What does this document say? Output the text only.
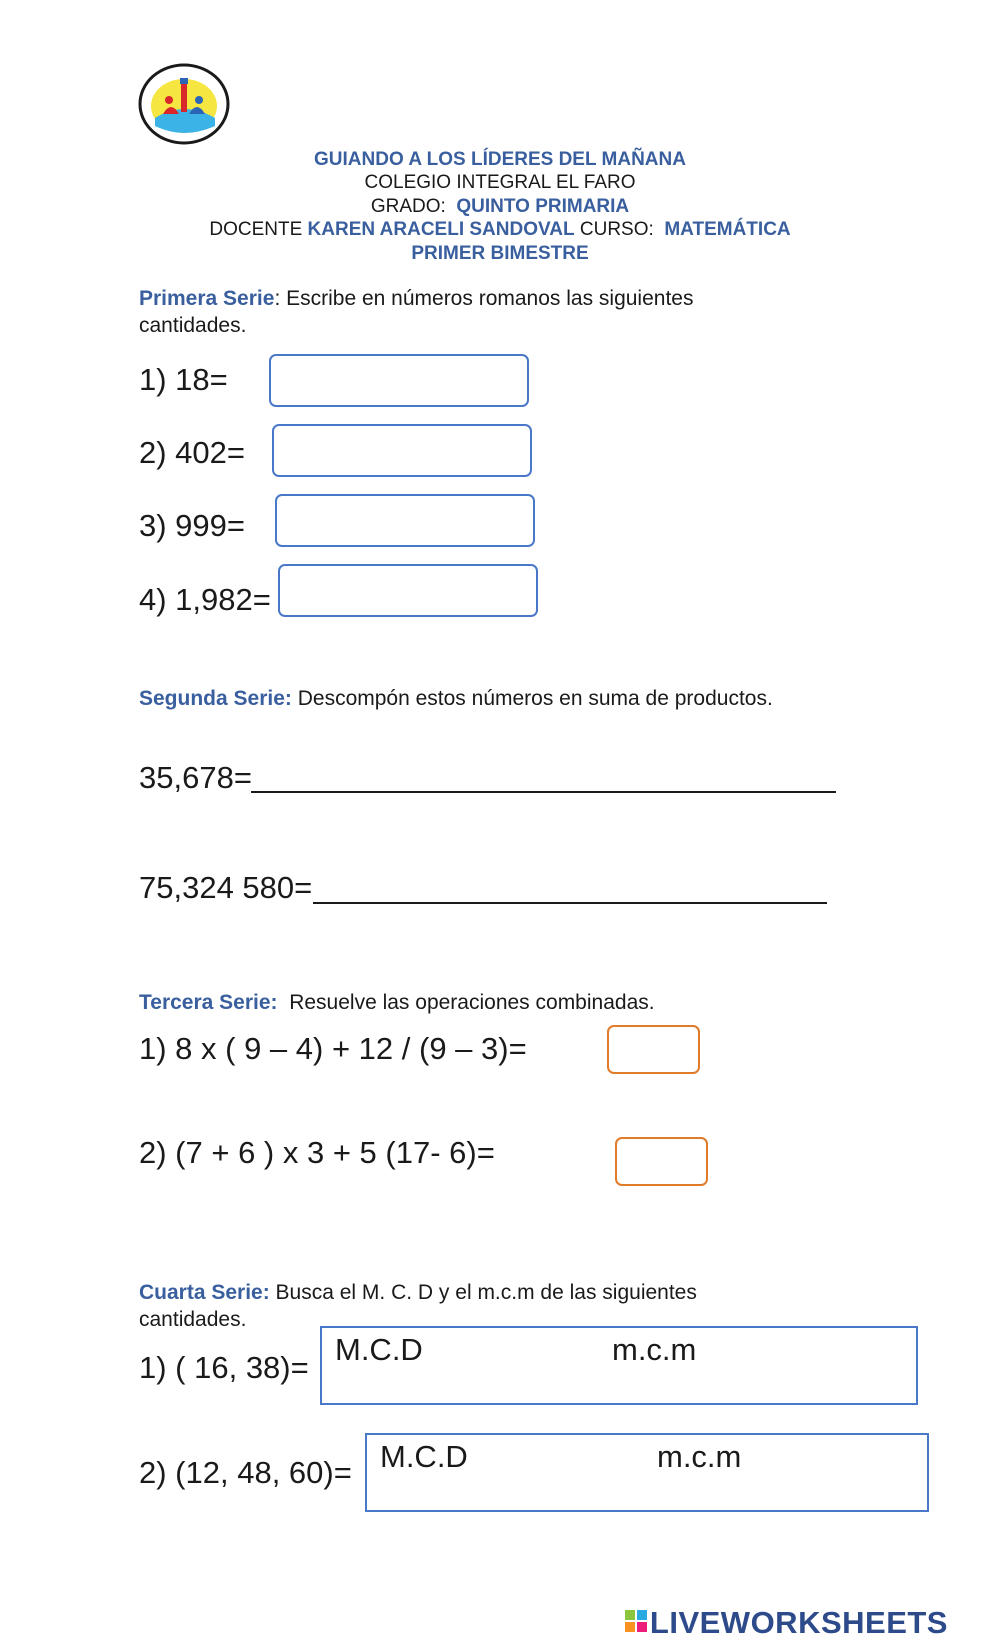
GUIANDO A LOS LÍDERES DEL MAÑANA
COLEGIO INTEGRAL EL FARO
GRADO: QUINTO PRIMARIA
DOCENTE KAREN ARACELI SANDOVAL CURSO: MATEMÁTICA
PRIMER BIMESTRE
Primera Serie: Escribe en números romanos las siguientes cantidades.
1) 18=
2) 402=
3) 999=
4) 1,982=
Segunda Serie: Descompón estos números en suma de productos.
35,678=
75,324 580=
Tercera Serie:  Resuelve las operaciones combinadas.
1) 8 x ( 9 – 4) + 12 / (9 – 3)=
2) (7 + 6 ) x 3 + 5 (17- 6)=
Cuarta Serie: Busca el M. C. D y el m.c.m de las siguientes cantidades.
1) ( 16, 38)=
M.C.D	m.c.m
2) (12, 48, 60)= M.C.D	m.c.m
LIVEWORKSHEETS
